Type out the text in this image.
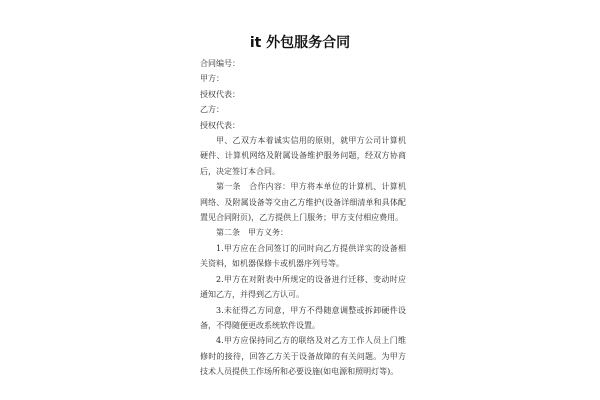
it 外包服务合同

合同编号：

甲方：

授权代表：

乙方：

授权代表：

甲、乙双方本着诚实信用的原则，就甲方公司计算机硬件、计算机网络及附属设备维护服务问题，经双方协商后，决定签订本合同。

第一条　合作内容：甲方将本单位的计算机、计算机网络、及附属设备等交由乙方维护(设备详细清单和具体配置见合同附页)，乙方提供上门服务；甲方支付相应费用。

第二条　甲方义务：

1.甲方应在合同签订的同时向乙方提供详实的设备相关资料，如机器保修卡或机器序列号等。

2.甲方在对附表中所规定的设备进行迁移、变动时应通知乙方，并得到乙方认可。

3.未征得乙方同意，甲方不得随意调整或拆卸硬件设备，不得随便更改系统软件设置。

4.甲方应保持同乙方的联络及对乙方工作人员上门维修时的接待，回答乙方关于设备故障的有关问题。为甲方技术人员提供工作场所和必要设施(如电源和照明灯等)。
